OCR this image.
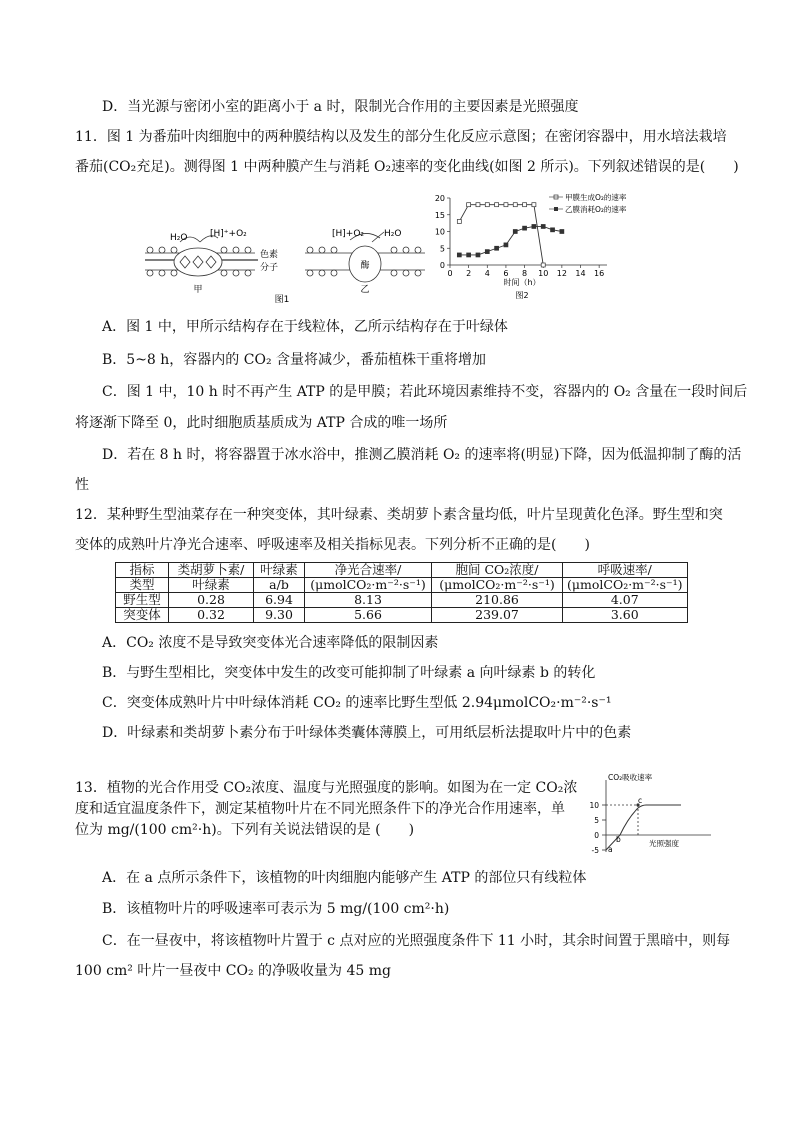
D．当光源与密闭小室的距离小于 a 时，限制光合作用的主要因素是光照强度
11．图 1 为番茄叶肉细胞中的两种膜结构以及发生的部分生化反应示意图；在密闭容器中，用水培法栽培
番茄(CO₂充足)。测得图 1 中两种膜产生与消耗 O₂速率的变化曲线(如图 2 所示)。下列叙述错误的是(　　)
H₂O	[H]⁺+O₂
色素
分子
甲
[H]+O₂ H₂O
酶
乙
图1
0
5
10
15
20
0 2 4 6 8 10 12 14 16
甲膜生成O₂的速率
乙膜消耗O₂的速率
时间（h）
图2
A．图 1 中，甲所示结构存在于线粒体，乙所示结构存在于叶绿体
B．5~8 h，容器内的 CO₂ 含量将减少，番茄植株干重将增加
C．图 1 中，10 h 时不再产生 ATP 的是甲膜；若此环境因素维持不变，容器内的 O₂ 含量在一段时间后
将逐渐下降至 0，此时细胞质基质成为 ATP 合成的唯一场所
D．若在 8 h 时，将容器置于冰水浴中，推测乙膜消耗 O₂ 的速率将(明显)下降，因为低温抑制了酶的活
性
12．某种野生型油菜存在一种突变体，其叶绿素、类胡萝卜素含量均低，叶片呈现黄化色泽。野生型和突
变体的成熟叶片净光合速率、呼吸速率及相关指标见表。下列分析不正确的是(　　)
指标	类胡萝卜素/	叶绿素	净光合速率/	胞间 CO₂浓度/	呼吸速率/
类型	叶绿素	a/b	(μmolCO₂·m⁻²·s⁻¹)	(μmolCO₂·m⁻²·s⁻¹)	(μmolCO₂·m⁻²·s⁻¹)
野生型	0.28	6.94	8.13	210.86	4.07
突变体	0.32	9.30	5.66	239.07	3.60
A．CO₂ 浓度不是导致突变体光合速率降低的限制因素
B．与野生型相比，突变体中发生的改变可能抑制了叶绿素 a 向叶绿素 b 的转化
C．突变体成熟叶片中叶绿体消耗 CO₂ 的速率比野生型低 2.94μmolCO₂·m⁻²·s⁻¹
D．叶绿素和类胡萝卜素分布于叶绿体类囊体薄膜上，可用纸层析法提取叶片中的色素
13．植物的光合作用受 CO₂浓度、温度与光照强度的影响。如图为在一定 CO₂浓
度和适宜温度条件下，测定某植物叶片在不同光照条件下的净光合作用速率，单
位为 mg/(100 cm²·h)。下列有关说法错误的是 (　　)
CO₂吸收速率
光照强度
10
5
0
-5 a
b
c
A．在 a 点所示条件下，该植物的叶肉细胞内能够产生 ATP 的部位只有线粒体
B．该植物叶片的呼吸速率可表示为 5 mg/(100 cm²·h)
C．在一昼夜中，将该植物叶片置于 c 点对应的光照强度条件下 11 小时，其余时间置于黑暗中，则每
100 cm² 叶片一昼夜中 CO₂ 的净吸收量为 45 mg
